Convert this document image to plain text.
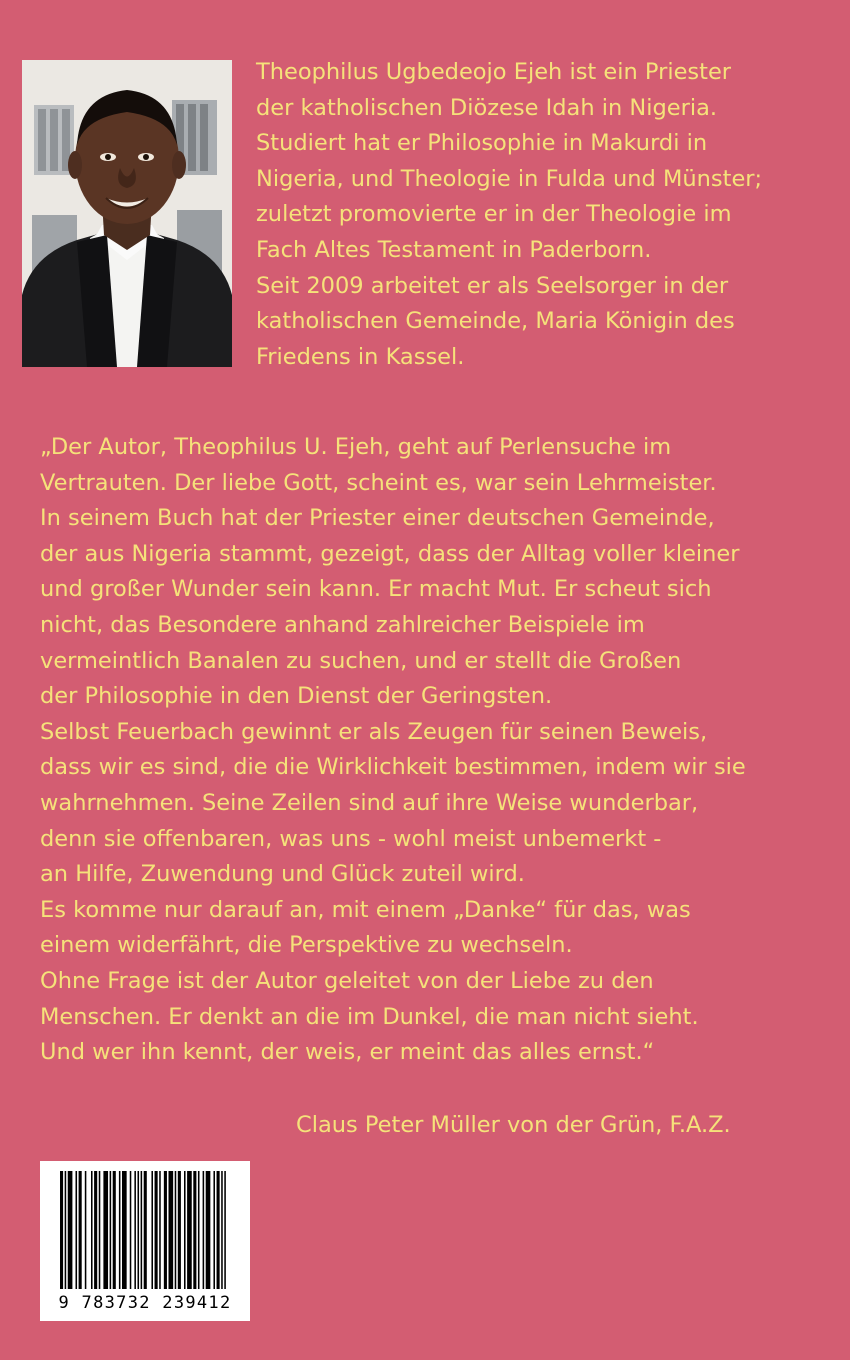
Theophilus Ugbedeojo Ejeh ist ein Priester
der katholischen Diözese Idah in Nigeria.
Studiert hat er Philosophie in Makurdi in
Nigeria, und Theologie in Fulda und Münster;
zuletzt promovierte er in der Theologie im
Fach Altes Testament in Paderborn.
Seit 2009 arbeitet er als Seelsorger in der
katholischen Gemeinde, Maria Königin des
Friedens in Kassel.
„Der Autor, Theophilus U. Ejeh, geht auf Perlensuche im
Vertrauten. Der liebe Gott, scheint es, war sein Lehrmeister.
In seinem Buch hat der Priester einer deutschen Gemeinde,
der aus Nigeria stammt, gezeigt, dass der Alltag voller kleiner
und großer Wunder sein kann. Er macht Mut. Er scheut sich
nicht, das Besondere anhand zahlreicher Beispiele im
vermeintlich Banalen zu suchen, und er stellt die Großen
der Philosophie in den Dienst der Geringsten.
Selbst Feuerbach gewinnt er als Zeugen für seinen Beweis,
dass wir es sind, die die Wirklichkeit bestimmen, indem wir sie
wahrnehmen. Seine Zeilen sind auf ihre Weise wunderbar,
denn sie offenbaren, was uns - wohl meist unbemerkt -
an Hilfe, Zuwendung und Glück zuteil wird.
Es komme nur darauf an, mit einem „Danke“ für das, was
einem widerfährt, die Perspektive zu wechseln.
Ohne Frage ist der Autor geleitet von der Liebe zu den
Menschen. Er denkt an die im Dunkel, die man nicht sieht.
Und wer ihn kennt, der weis, er meint das alles ernst.“
Claus Peter Müller von der Grün, F.A.Z.
9 783732 239412
